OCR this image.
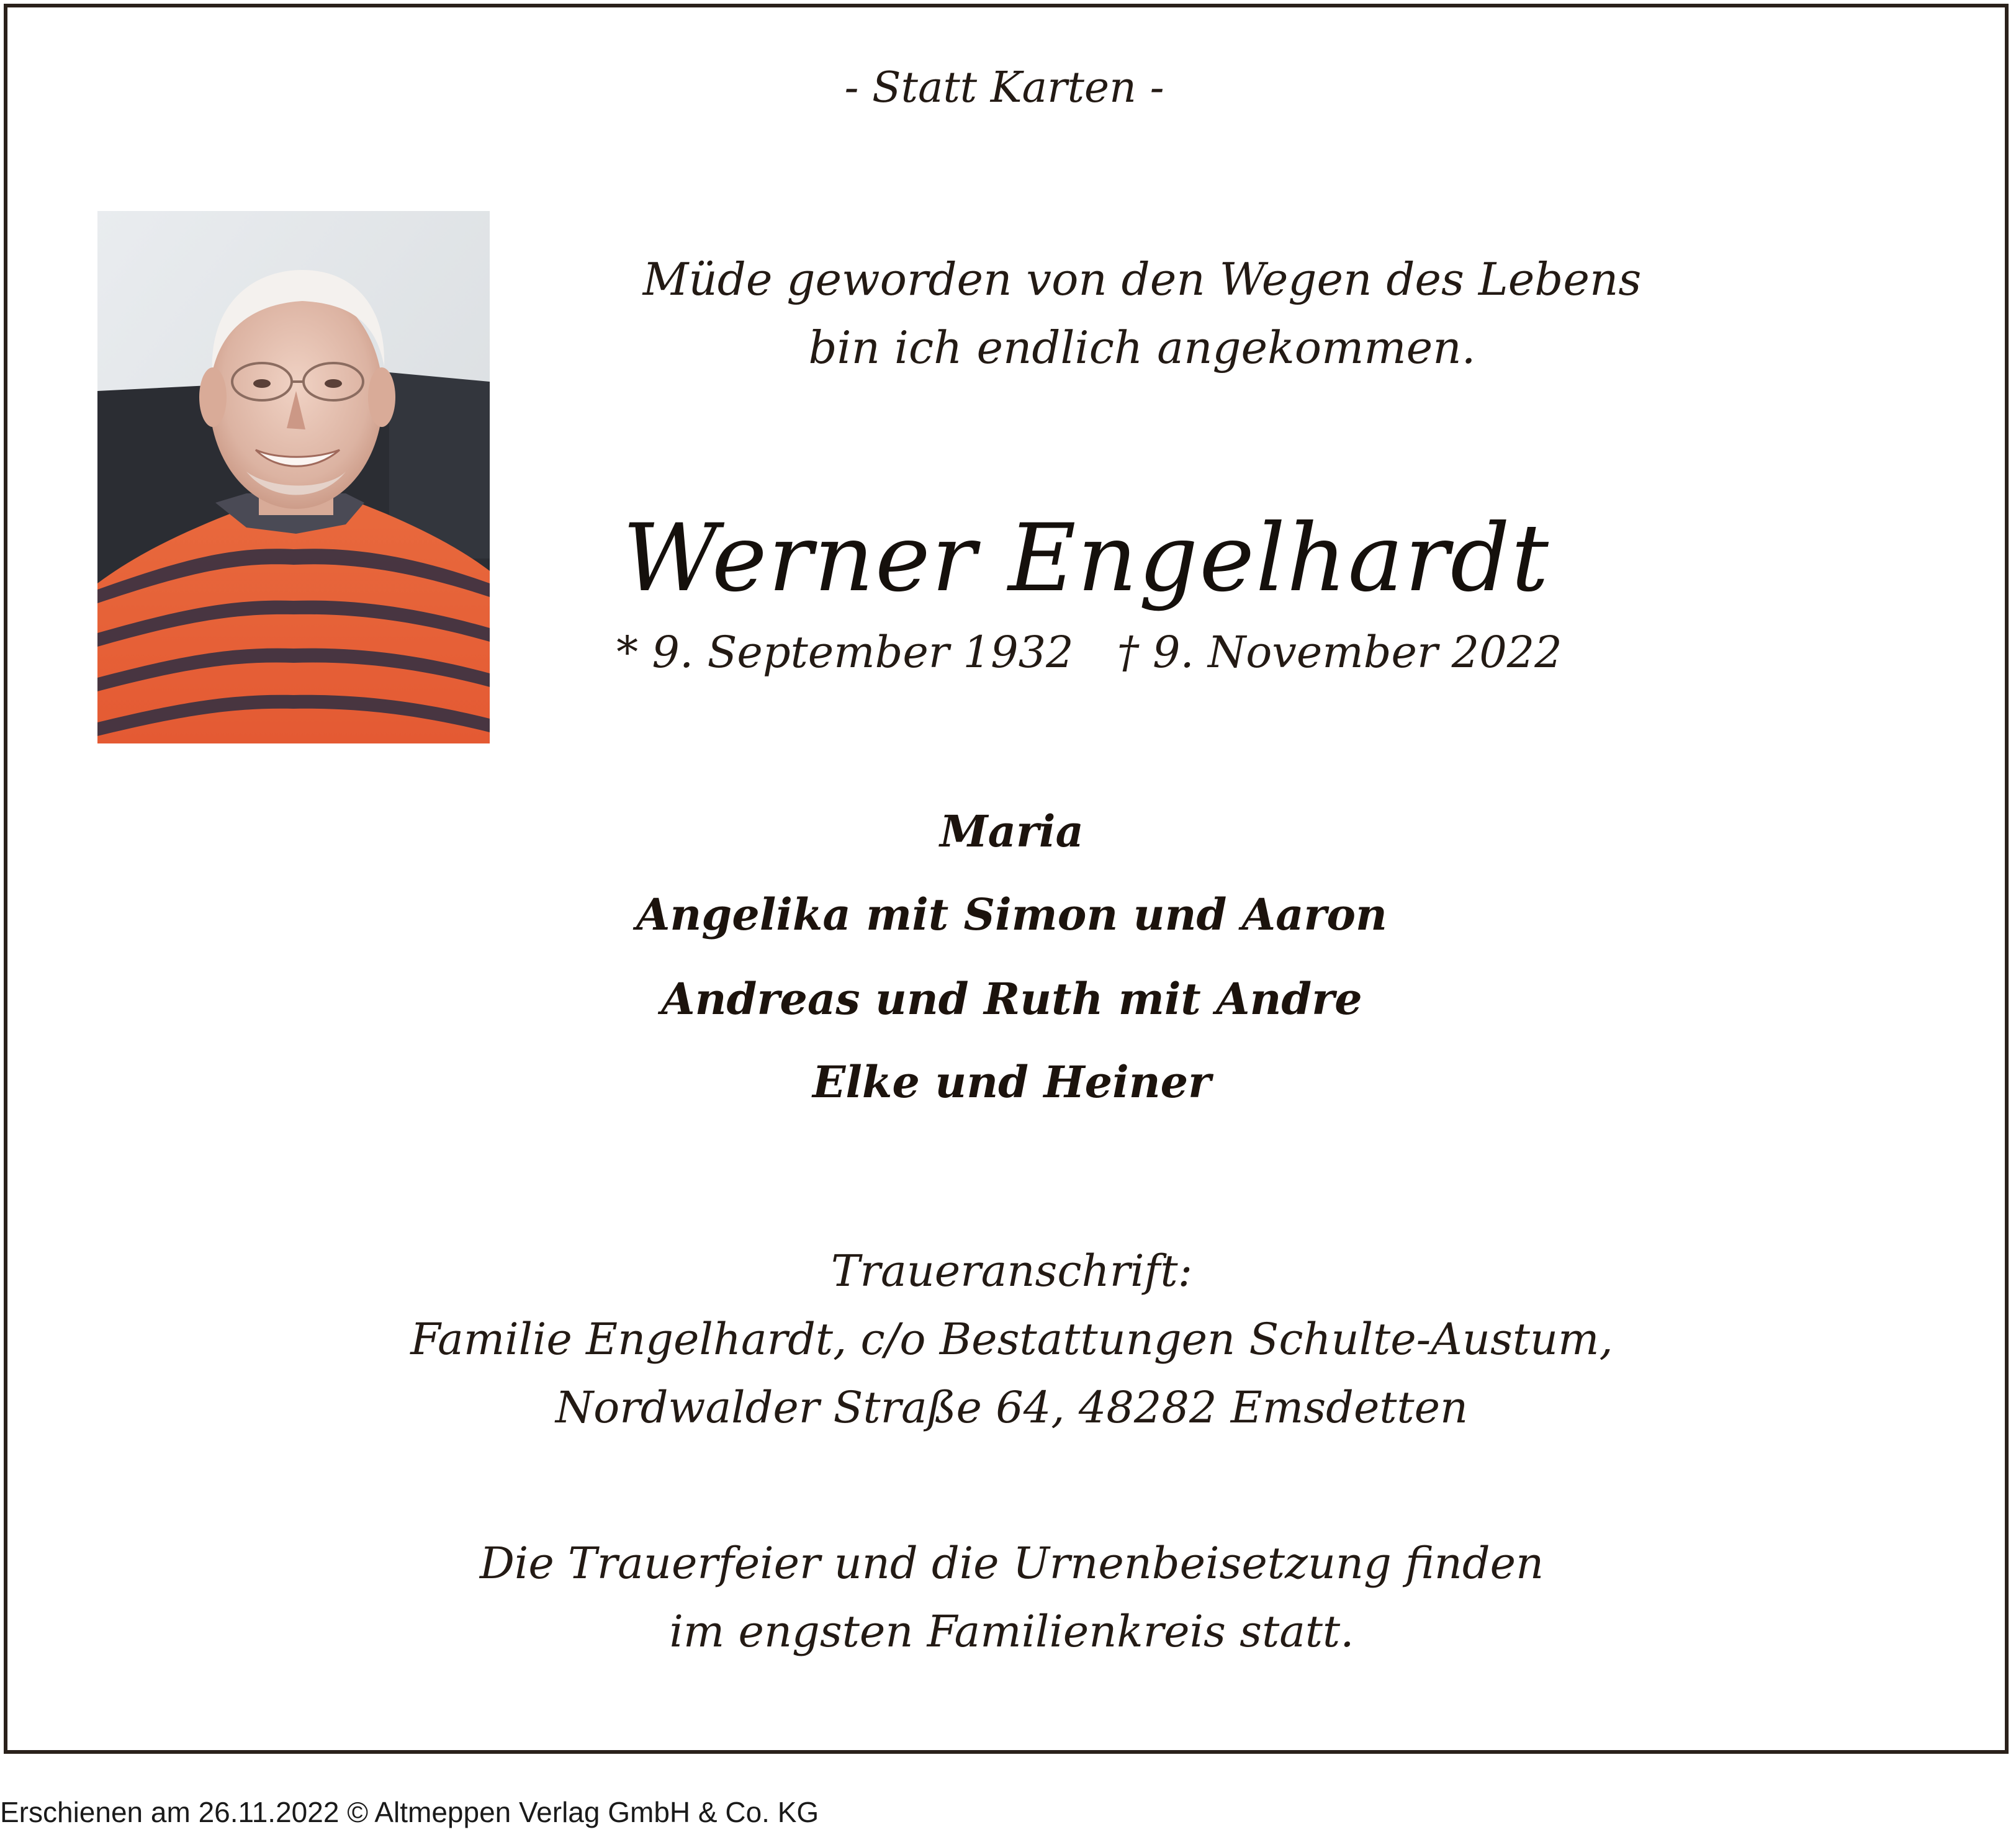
- Statt Karten -
Müde geworden von den Wegen des Lebens
bin ich endlich angekommen.
Werner Engelhardt
* 9. September 1932 † 9. November 2022
Maria
Angelika mit Simon und Aaron
Andreas und Ruth mit Andre
Elke und Heiner
Traueranschrift:
Familie Engelhardt, c/o Bestattungen Schulte-Austum,
Nordwalder Straße 64, 48282 Emsdetten
Die Trauerfeier und die Urnenbeisetzung finden
im engsten Familienkreis statt.
Erschienen am 26.11.2022 © Altmeppen Verlag GmbH & Co. KG
